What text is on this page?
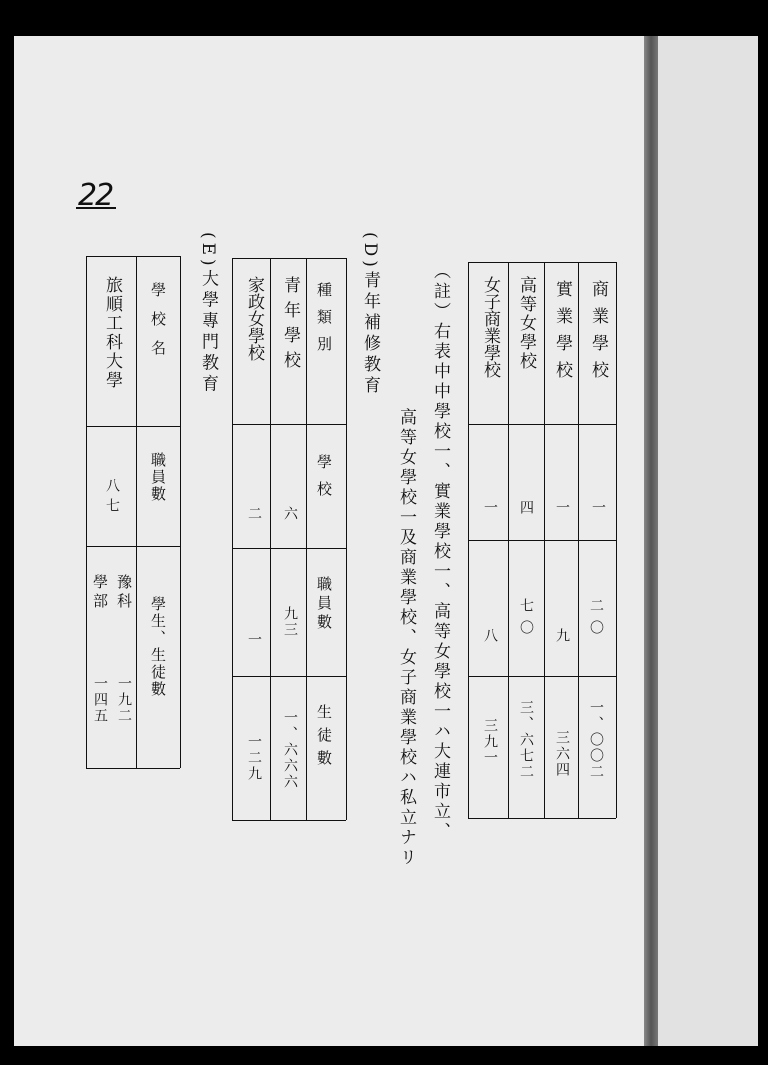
22
商業學校
一
二〇
一、〇〇二
實業學校
一
九
三六四
高等女學校
四
七〇
三、六七二
女子商業學校
一
八
三九一
（註）右表中中學校一、實業學校一、高等女學校一ハ大連市立、
高等女學校一及商業學校、女子商業學校ハ私立ナリ
(D)青年補修教育
種類別
學校
職員數
生徒數
青年學校
六
九三
一、六六六
家政女學校
二
一
一二九
(E)大學專門教育
學校名
職員數
學生、生徒數
旅順工科大學
八七
豫科
一九二
學部
一四五
